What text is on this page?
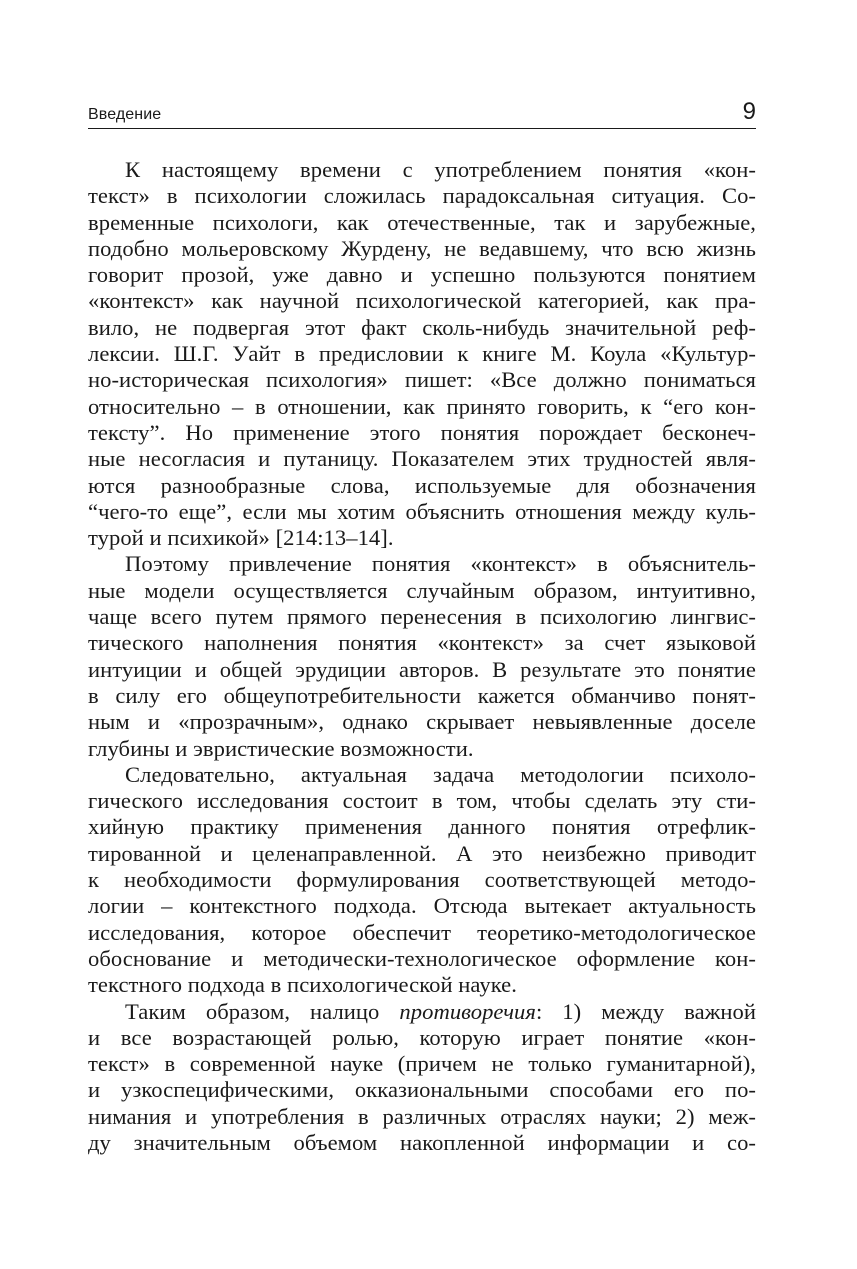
Введение	9

К настоящему времени с употреблением понятия «кон-
текст» в психологии сложилась парадоксальная ситуация. Со-
временные психологи, как отечественные, так и зарубежные,
подобно мольеровскому Журдену, не ведавшему, что всю жизнь
говорит прозой, уже давно и успешно пользуются понятием
«контекст» как научной психологической категорией, как пра-
вило, не подвергая этот факт сколь-нибудь значительной реф-
лексии. Ш.Г. Уайт в предисловии к книге М. Коула «Культур-
но-историческая психология» пишет: «Все должно пониматься
относительно – в отношении, как принято говорить, к “его кон-
тексту”. Но применение этого понятия порождает бесконеч-
ные несогласия и путаницу. Показателем этих трудностей явля-
ются разнообразные слова, используемые для обозначения
“чего-то еще”, если мы хотим объяснить отношения между куль-
турой и психикой» [214:13–14].

Поэтому привлечение понятия «контекст» в объяснитель-
ные модели осуществляется случайным образом, интуитивно,
чаще всего путем прямого перенесения в психологию лингвис-
тического наполнения понятия «контекст» за счет языковой
интуиции и общей эрудиции авторов. В результате это понятие
в силу его общеупотребительности кажется обманчиво понят-
ным и «прозрачным», однако скрывает невыявленные доселе
глубины и эвристические возможности.

Следовательно, актуальная задача методологии психоло-
гического исследования состоит в том, чтобы сделать эту сти-
хийную практику применения данного понятия отрефлик-
тированной и целенаправленной. А это неизбежно приводит
к необходимости формулирования соответствующей методо-
логии – контекстного подхода. Отсюда вытекает актуальность
исследования, которое обеспечит теоретико-методологическое
обоснование и методически-технологическое оформление кон-
текстного подхода в психологической науке.

Таким образом, налицо противоречия: 1) между важной
и все возрастающей ролью, которую играет понятие «кон-
текст» в современной науке (причем не только гуманитарной),
и узкоспецифическими, окказиональными способами его по-
нимания и употребления в различных отраслях науки; 2) меж-
ду значительным объемом накопленной информации и со-
